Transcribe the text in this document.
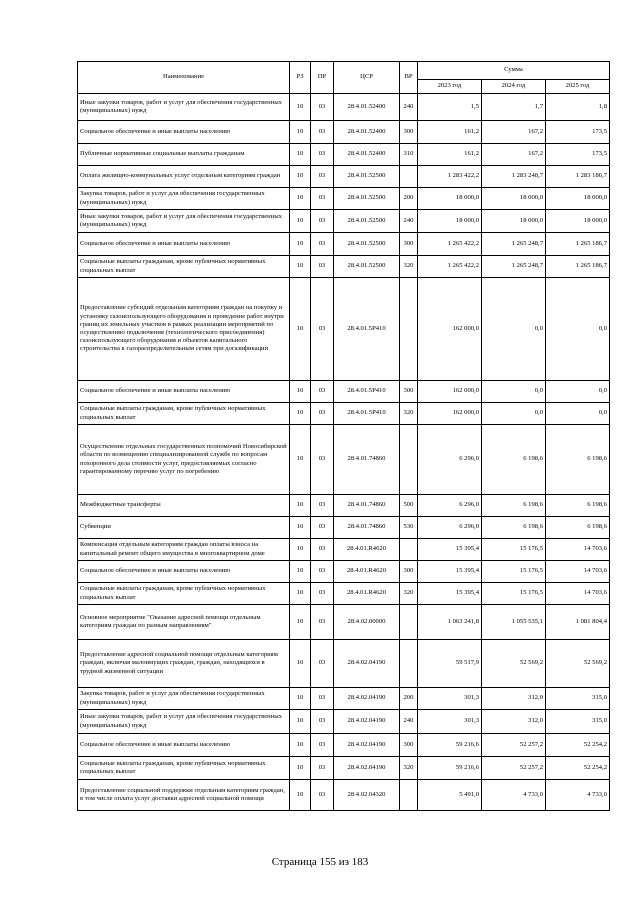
Наименование	РЗ	ПР	ЦСР	ВР	Сумма		
					2023 год	2024 год	2025 год
Иные закупки товаров, работ и услуг для обеспечения государственных (муниципальных) нужд	10	03	28.4.01.52400	240	1,5	1,7	1,8
Социальное обеспечение и иные выплаты населению	10	03	28.4.01.52400	300	161,2	167,2	173,5
Публичные нормативные социальные выплаты гражданам	10	03	28.4.01.52400	310	161,2	167,2	173,5
Оплата жилищно-коммунальных услуг отдельным категориям граждан	10	03	28.4.01.52500		1 283 422,2	1 283 248,7	1 283 186,7
Закупка товаров, работ и услуг для обеспечения государственных (муниципальных) нужд	10	03	28.4.01.52500	200	18 000,0	18 000,0	18 000,0
Иные закупки товаров, работ и услуг для обеспечения государственных (муниципальных) нужд	10	03	28.4.01.52500	240	18 000,0	18 000,0	18 000,0
Социальное обеспечение и иные выплаты населению	10	03	28.4.01.52500	300	1 265 422,2	1 265 248,7	1 265 186,7
Социальные выплаты гражданам, кроме публичных нормативных социальных выплат	10	03	28.4.01.52500	320	1 265 422,2	1 265 248,7	1 265 186,7
Предоставление субсидий отдельным категориям граждан на покупку и установку газоиспользующего оборудования и проведение работ внутри границ их земельных участков в рамках реализации мероприятий по осуществлению подключения (технологического присоединения) газоиспользующего оборудования и объектов капитального строительства к газораспределительным сетям при догазификации	10	03	28.4.01.5Р410		162 000,0	0,0	0,0
Социальное обеспечение и иные выплаты населению	10	03	28.4.01.5Р410	300	162 000,0	0,0	0,0
Социальные выплаты гражданам, кроме публичных нормативных социальных выплат	10	03	28.4.01.5Р410	320	162 000,0	0,0	0,0
Осуществление отдельных государственных полномочий Новосибирской области по возмещению специализированной службе по вопросам похоронного дела стоимости услуг, предоставляемых согласно гарантированному перечню услуг по погребению	10	03	28.4.01.74860		6 296,0	6 198,6	6 198,6
Межбюджетные трансферты	10	03	28.4.01.74860	500	6 296,0	6 198,6	6 198,6
Субвенции	10	03	28.4.01.74860	530	6 296,0	6 198,6	6 198,6
Компенсация отдельным категориям граждан оплаты взноса на капитальный ремонт общего имущества в многоквартирном доме	10	03	28.4.01.R4620		15 395,4	15 176,5	14 703,6
Социальное обеспечение и иные выплаты населению	10	03	28.4.01.R4620	300	15 395,4	15 176,5	14 703,6
Социальные выплаты гражданам, кроме публичных нормативных социальных выплат	10	03	28.4.01.R4620	320	15 395,4	15 176,5	14 703,6
Основное мероприятие "Оказание адресной помощи отдельным категориям граждан по разным направлениям"	10	03	28.4.02.00000		1 063 241,8	1 055 535,1	1 081 804,4
Предоставление адресной социальной помощи отдельным категориям граждан, включая малоимущих граждан, граждан, находящихся в трудной жизненной ситуации	10	03	28.4.02.04190		59 517,9	52 569,2	52 569,2
Закупка товаров, работ и услуг для обеспечения государственных (муниципальных) нужд	10	03	28.4.02.04190	200	301,3	312,0	315,0
Иные закупки товаров, работ и услуг для обеспечения государственных (муниципальных) нужд	10	03	28.4.02.04190	240	301,3	312,0	315,0
Социальное обеспечение и иные выплаты населению	10	03	28.4.02.04190	300	59 216,6	52 257,2	52 254,2
Социальные выплаты гражданам, кроме публичных нормативных социальных выплат	10	03	28.4.02.04190	320	59 216,6	52 257,2	52 254,2
Предоставление социальной поддержки отдельным категориям граждан, в том числе оплата услуг доставки адресной социальной помощи	10	03	28.4.02.04320		5 491,0	4 733,0	4 733,0
Страница 155 из 183
